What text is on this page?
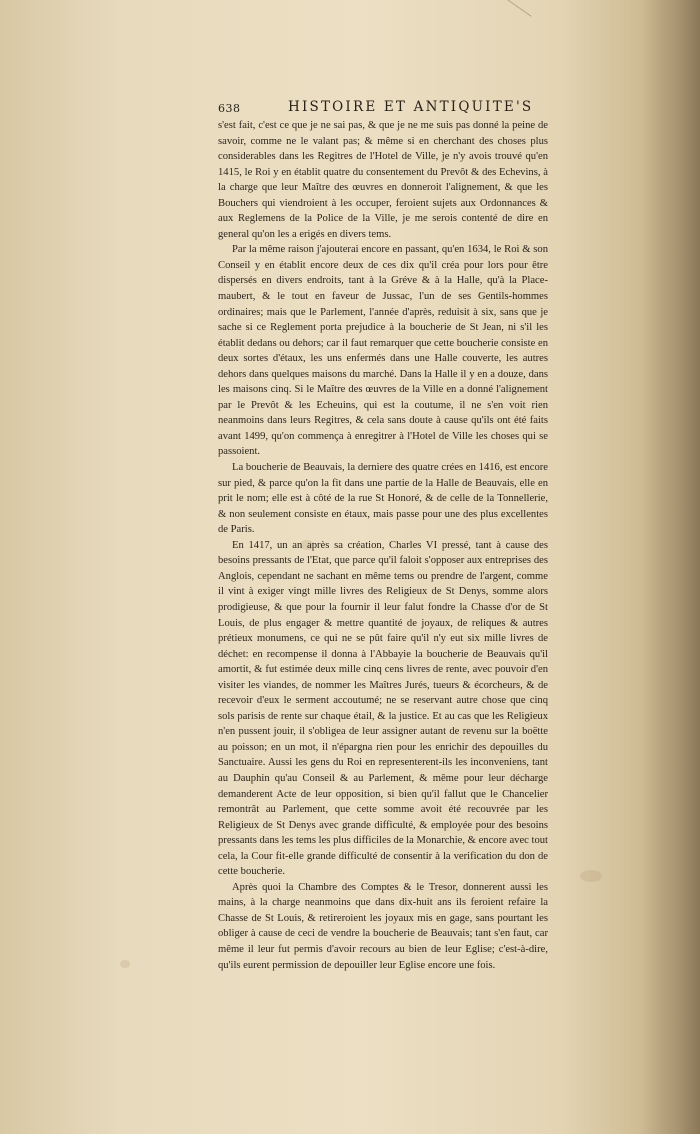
638	HISTOIRE ET ANTIQUITE'S

s'est fait, c'est ce que je ne sai pas, & que je ne me suis pas donné la peine de savoir, comme ne le valant pas; & même si en cherchant des choses plus considerables dans les Regitres de l'Hotel de Ville, je n'y avois trouvé qu'en 1415, le Roi y en établit quatre du consentement du Prevôt & des Echevins, à la charge que leur Maître des œuvres en donneroit l'alignement, & que les Bouchers qui viendroient à les occuper, feroient sujets aux Ordonnances & aux Reglemens de la Police de la Ville, je me serois contenté de dire en general qu'on les a erigés en divers tems.

Par la même raison j'ajouterai encore en passant, qu'en 1634, le Roi & son Conseil y en établit encore deux de ces dix qu'il créa pour lors pour être dispersés en divers endroits, tant à la Gréve & à la Halle, qu'à la Place-maubert, & le tout en faveur de Jussac, l'un de ses Gentils-hommes ordinaires; mais que le Parlement, l'année d'après, reduisit à six, sans que je sache si ce Reglement porta prejudice à la boucherie de St Jean, ni s'il les établit dedans ou dehors; car il faut remarquer que cette boucherie consiste en deux sortes d'étaux, les uns enfermés dans une Halle couverte, les autres dehors dans quelques maisons du marché. Dans la Halle il y en a douze, dans les maisons cinq. Si le Maître des œuvres de la Ville en a donné l'alignement par le Prevôt & les Echeuins, qui est la coutume, il ne s'en voit rien neanmoins dans leurs Regitres, & cela sans doute à cause qu'ils ont été faits avant 1499, qu'on commença à enregitrer à l'Hotel de Ville les choses qui se passoient.

La boucherie de Beauvais, la derniere des quatre crées en 1416, est encore sur pied, & parce qu'on la fit dans une partie de la Halle de Beauvais, elle en prit le nom; elle est à côté de la rue St Honoré, & de celle de la Tonnellerie, & non seulement consiste en étaux, mais passe pour une des plus excellentes de Paris.

En 1417, un an après sa création, Charles VI pressé, tant à cause des besoins pressants de l'Etat, que parce qu'il faloit s'opposer aux entreprises des Anglois, cependant ne sachant en même tems ou prendre de l'argent, comme il vint à exiger vingt mille livres des Religieux de St Denys, somme alors prodigieuse, & que pour la fournir il leur falut fondre la Chasse d'or de St Louis, de plus engager & mettre quantité de joyaux, de reliques & autres prétieux monumens, ce qui ne se pût faire qu'il n'y eut six mille livres de déchet: en recompense il donna à l'Abbayie la boucherie de Beauvais qu'il amortit, & fut estimée deux mille cinq cens livres de rente, avec pouvoir d'en visiter les viandes, de nommer les Maîtres Jurés, tueurs & écorcheurs, & de recevoir d'eux le serment accoutumé; ne se reservant autre chose que cinq sols parisis de rente sur chaque étail, & la justice. Et au cas que les Religieux n'en pussent jouir, il s'obligea de leur assigner autant de revenu sur la boëtte au poisson; en un mot, il n'épargna rien pour les enrichir des depouilles du Sanctuaire. Aussi les gens du Roi en representerent-ils les inconveniens, tant au Dauphin qu'au Conseil & au Parlement, & même pour leur décharge demanderent Acte de leur opposition, si bien qu'il fallut que le Chancelier remontrât au Parlement, que cette somme avoit été recouvrée par les Religieux de St Denys avec grande difficulté, & employée pour des besoins pressants dans les tems les plus difficiles de la Monarchie, & encore avec tout cela, la Cour fit-elle grande difficulté de consentir à la verification du don de cette boucherie.

Après quoi la Chambre des Comptes & le Tresor, donnerent aussi les mains, à la charge neanmoins que dans dix-huit ans ils feroient refaire la Chasse de St Louis, & retireroient les joyaux mis en gage, sans pourtant les obliger à cause de ceci de vendre la boucherie de Beauvais; tant s'en faut, car même il leur fut permis d'avoir recours au bien de leur Eglise; c'est-à-dire, qu'ils eurent permission de depouiller leur Eglise encore une fois.
